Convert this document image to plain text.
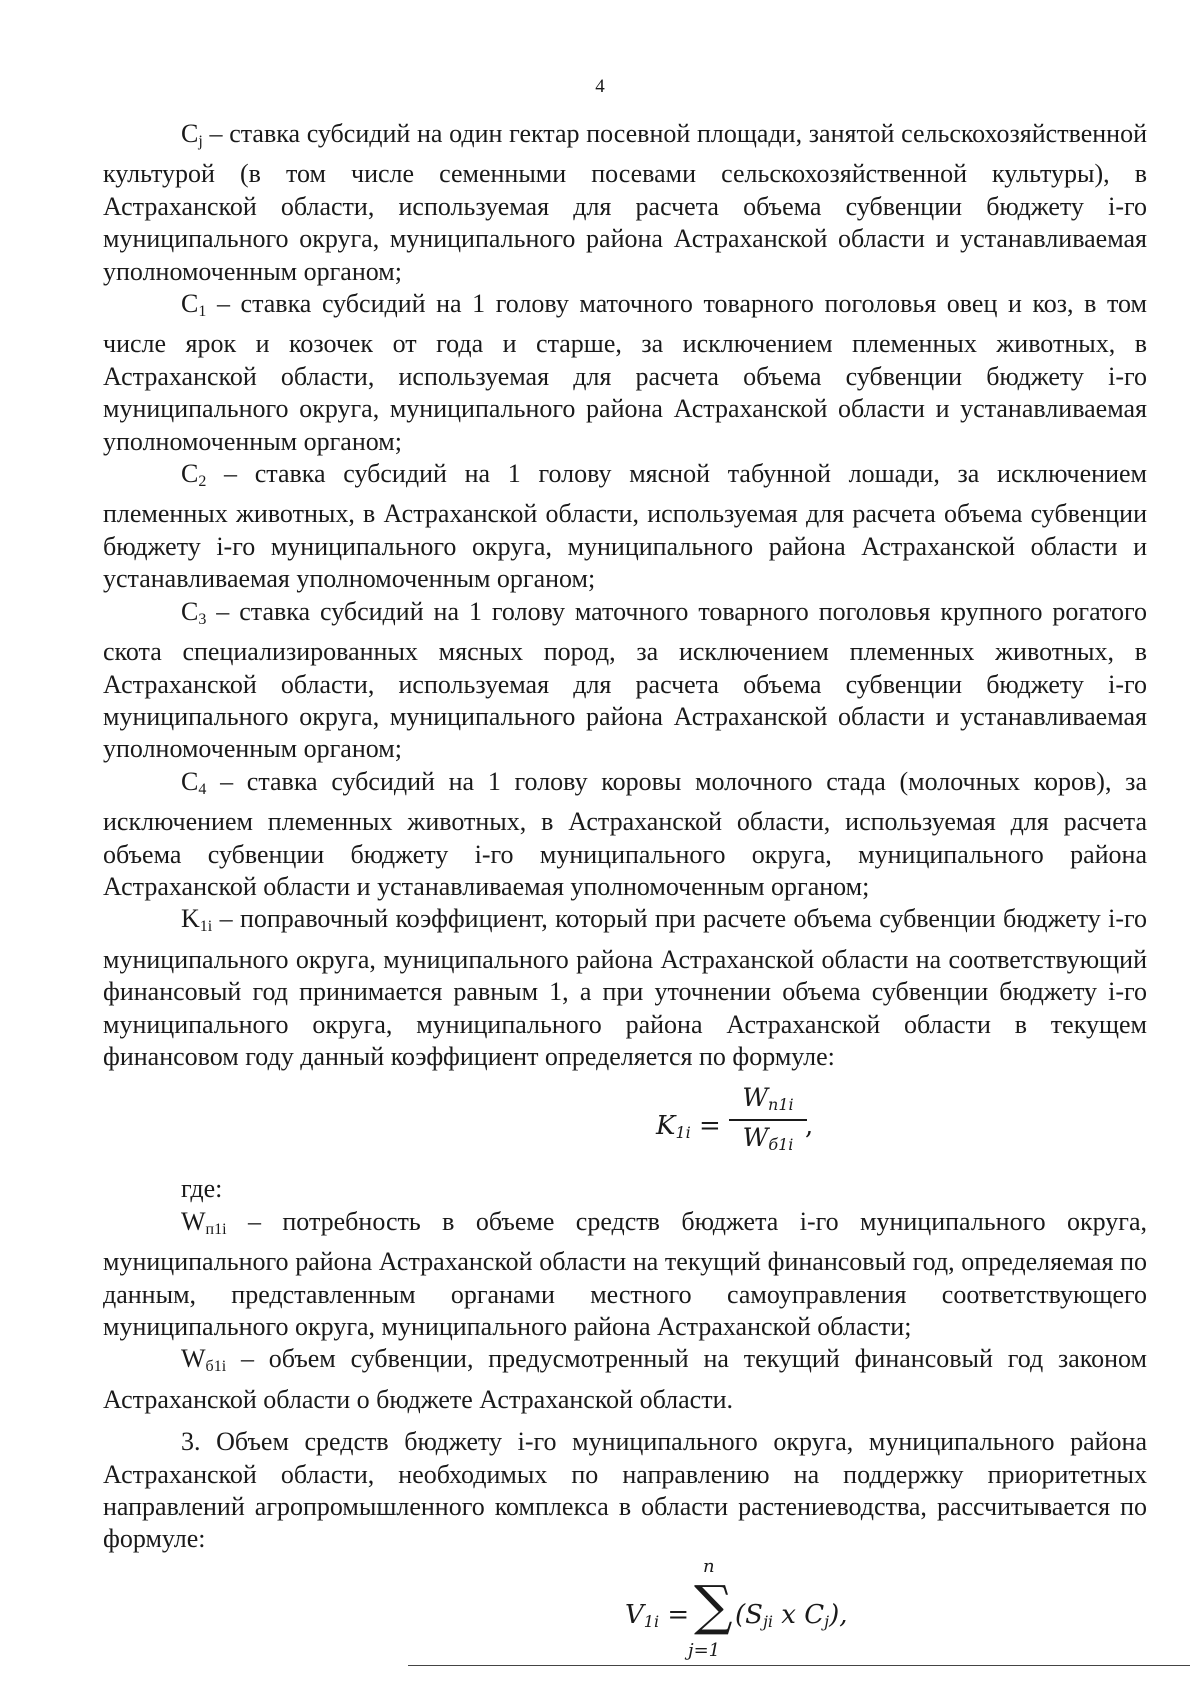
4

$C_j$ – ставка субсидий на один гектар посевной площади, занятой сельскохозяйственной культурой (в том числе семенными посевами сельскохозяйственной культуры), в Астраханской области, используемая для расчета объема субвенции бюджету i-го муниципального округа, муниципального района Астраханской области и устанавливаемая уполномоченным органом;

$C_1$ – ставка субсидий на 1 голову маточного товарного поголовья овец и коз, в том числе ярок и козочек от года и старше, за исключением племенных животных, в Астраханской области, используемая для расчета объема субвенции бюджету i-го муниципального округа, муниципального района Астраханской области и устанавливаемая уполномоченным органом;

$C_2$ – ставка субсидий на 1 голову мясной табунной лошади, за исключением племенных животных, в Астраханской области, используемая для расчета объема субвенции бюджету i-го муниципального округа, муниципального района Астраханской области и устанавливаемая уполномоченным органом;

$C_3$ – ставка субсидий на 1 голову маточного товарного поголовья крупного рогатого скота специализированных мясных пород, за исключением племенных животных, в Астраханской области, используемая для расчета объема субвенции бюджету i-го муниципального округа, муниципального района Астраханской области и устанавливаемая уполномоченным органом;

$C_4$ – ставка субсидий на 1 голову коровы молочного стада (молочных коров), за исключением племенных животных, в Астраханской области, используемая для расчета объема субвенции бюджету i-го муниципального округа, муниципального района Астраханской области и устанавливаемая уполномоченным органом;

$K_{1i}$ – поправочный коэффициент, который при расчете объема субвенции бюджету i-го муниципального округа, муниципального района Астраханской области на соответствующий финансовый год принимается равным 1, а при уточнении объема субвенции бюджету i-го муниципального округа, муниципального района Астраханской области в текущем финансовом году данный коэффициент определяется по формуле:

$K_{1i}$ =
$W_{п1i}$
$W_{б1i}$
,

где:

$W_{п1i}$ – потребность в объеме средств бюджета i-го муниципального округа, муниципального района Астраханской области на текущий финансовый год, определяемая по данным, представленным органами местного самоуправления соответствующего муниципального округа, муниципального района Астраханской области;

$W_{б1i}$ – объем субвенции, предусмотренный на текущий финансовый год законом Астраханской области о бюджете Астраханской области.

3. Объем средств бюджету i-го муниципального округа, муниципального района Астраханской области, необходимых по направлению на поддержку приоритетных направлений агропромышленного комплекса в области растениеводства, рассчитывается по формуле:

$V_{1i}$ =
n
∑
j=1
($S_{ji}$ x $C_j$),
